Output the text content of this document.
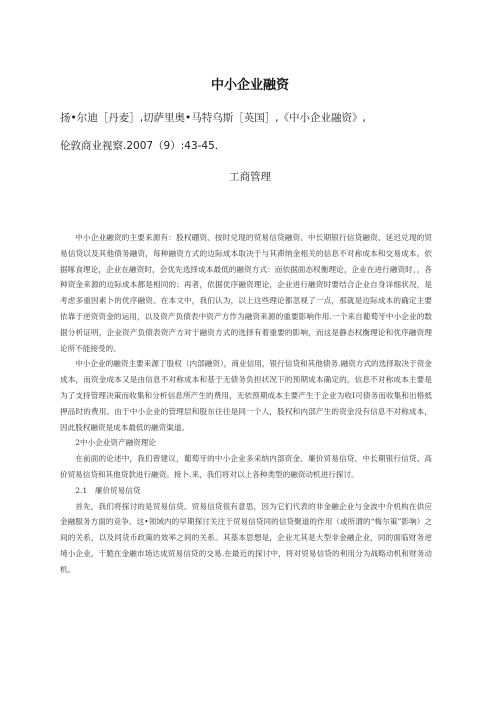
中小企业融资
扬•尔迪［丹麦］,切萨里奥•马特乌斯［英国］,《中小企业融资》,
伦敦商业视察.2007（9）:43-45.
工商管理

中小企业融资的主要来源有：股权硼资、按时兑现的贸易信贷融资、中长期银行信贷融资、延迟兑现的贸易信贷以及其他债务融资，每种融资方式的边际成本取决于与其滞纳金相关的信息不对称成本和交易成本。依据啄食理论，企业在融资时，会优先选择成本最低的融资方式：而依据面态权衡理论，企业在进行融资时，，各种资金来源的边际成本都是相同的；再者，依据优序融资理论，企业进行融资时要结合企业自身详细状况，是考虑多重因素卜的优序融资。在本文中，我们认为，以上这些理论都忽视了一点，那就是边际成本的确定主要依靠于逆资资金的运用，以及资产负债表中资产方作为融资来源的重要影响作用.一个来自葡萄牙中小企业的数据分析证明，企业资产负债表资产方对于融资方式的选择有着重要的影响，而这是静态权衡理论和优序融资理论所不能接受的。

中小企业的融资主要来源丁股权（内部融资），商业信用，银行信贷和其他债务.融资方式的选择取决于资金成本，而资金成本又是由信息不对称成本和基于无债务负担状况下的预期成本确定的。信息不对称成本主要是为了支持管理决策而收集和分析信息所产生的费用，无依预期成本主要产生于企业为收I可债务而收集和出格抵押品时的费用。由于中小企业的管理层和股东往往是同一个人，股权和内部产生的资金没有信息不对称成本，因此股权融资是成本最低的融资渠道。

2中小企业资产融资理论

在前面的论述中，我们曾建议，葡萄牙的中小企业多采纳内部资金、廉价贸易信贷、中长期银行信贷、高价贸易信贷和其他贷款进行融资。接卜.来，我们将对以上各种类型的融资动机进行探讨。

2.1　廉价贸易信贷

首先，我们将探讨的是贸易信贷。贸易信贷很有意思，因为它们代表的非金融企业与金波中介机构在供应金融服务方面的竞争。这•领域内的早期探讨关注于贸易信贷同的信贷聚道的作用（或所谓的“梅尔策”影响）之间的关系，以及同货币政策的效率之间的关系。其基本思想是，企业尤其是大型非金融企业，同的面临财务逆境小企业，干脆在金融市场达成贸易信贷的交易.在最近的探讨中，将对贸易信贷的利用分为战略动机和财务动机。
